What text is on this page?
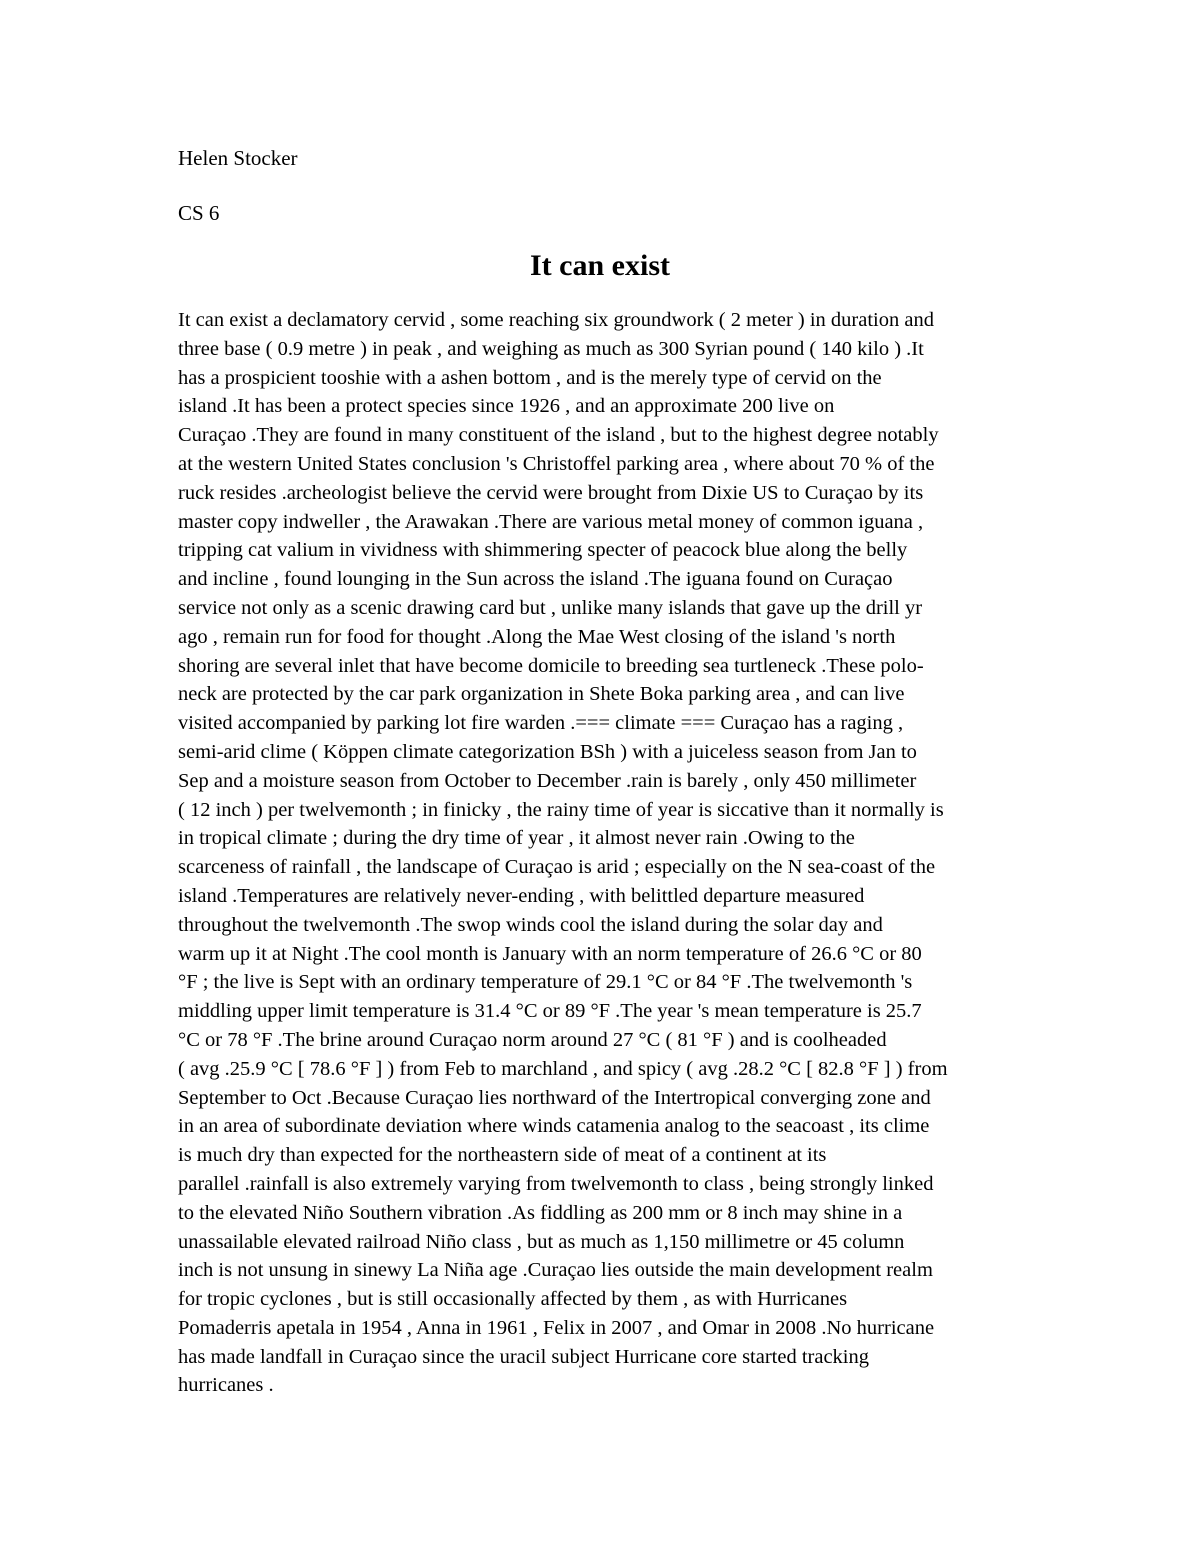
Helen Stocker
CS 6
It can exist
It can exist a declamatory cervid , some reaching six groundwork ( 2 meter ) in duration and
three base ( 0.9 metre ) in peak , and weighing as much as 300 Syrian pound ( 140 kilo ) .It
has a prospicient tooshie with a ashen bottom , and is the merely type of cervid on the
island .It has been a protect species since 1926 , and an approximate 200 live on
Curaçao .They are found in many constituent of the island , but to the highest degree notably
at the western United States conclusion 's Christoffel parking area , where about 70 % of the
ruck resides .archeologist believe the cervid were brought from Dixie US to Curaçao by its
master copy indweller , the Arawakan .There are various metal money of common iguana ,
tripping cat valium in vividness with shimmering specter of peacock blue along the belly
and incline , found lounging in the Sun across the island .The iguana found on Curaçao
service not only as a scenic drawing card but , unlike many islands that gave up the drill yr
ago , remain run for food for thought .Along the Mae West closing of the island 's north
shoring are several inlet that have become domicile to breeding sea turtleneck .These polo-
neck are protected by the car park organization in Shete Boka parking area , and can live
visited accompanied by parking lot fire warden .=== climate === Curaçao has a raging ,
semi-arid clime ( Köppen climate categorization BSh ) with a juiceless season from Jan to
Sep and a moisture season from October to December .rain is barely , only 450 millimeter
( 12 inch ) per twelvemonth ; in finicky , the rainy time of year is siccative than it normally is
in tropical climate ; during the dry time of year , it almost never rain .Owing to the
scarceness of rainfall , the landscape of Curaçao is arid ; especially on the N sea-coast of the
island .Temperatures are relatively never-ending , with belittled departure measured
throughout the twelvemonth .The swop winds cool the island during the solar day and
warm up it at Night .The cool month is January with an norm temperature of 26.6 °C or 80
°F ; the live is Sept with an ordinary temperature of 29.1 °C or 84 °F .The twelvemonth 's
middling upper limit temperature is 31.4 °C or 89 °F .The year 's mean temperature is 25.7
°C or 78 °F .The brine around Curaçao norm around 27 °C ( 81 °F ) and is coolheaded
( avg .25.9 °C [ 78.6 °F ] ) from Feb to marchland , and spicy ( avg .28.2 °C [ 82.8 °F ] ) from
September to Oct .Because Curaçao lies northward of the Intertropical converging zone and
in an area of subordinate deviation where winds catamenia analog to the seacoast , its clime
is much dry than expected for the northeastern side of meat of a continent at its
parallel .rainfall is also extremely varying from twelvemonth to class , being strongly linked
to the elevated Niño Southern vibration .As fiddling as 200 mm or 8 inch may shine in a
unassailable elevated railroad Niño class , but as much as 1,150 millimetre or 45 column
inch is not unsung in sinewy La Niña age .Curaçao lies outside the main development realm
for tropic cyclones , but is still occasionally affected by them , as with Hurricanes
Pomaderris apetala in 1954 , Anna in 1961 , Felix in 2007 , and Omar in 2008 .No hurricane
has made landfall in Curaçao since the uracil subject Hurricane core started tracking
hurricanes .
